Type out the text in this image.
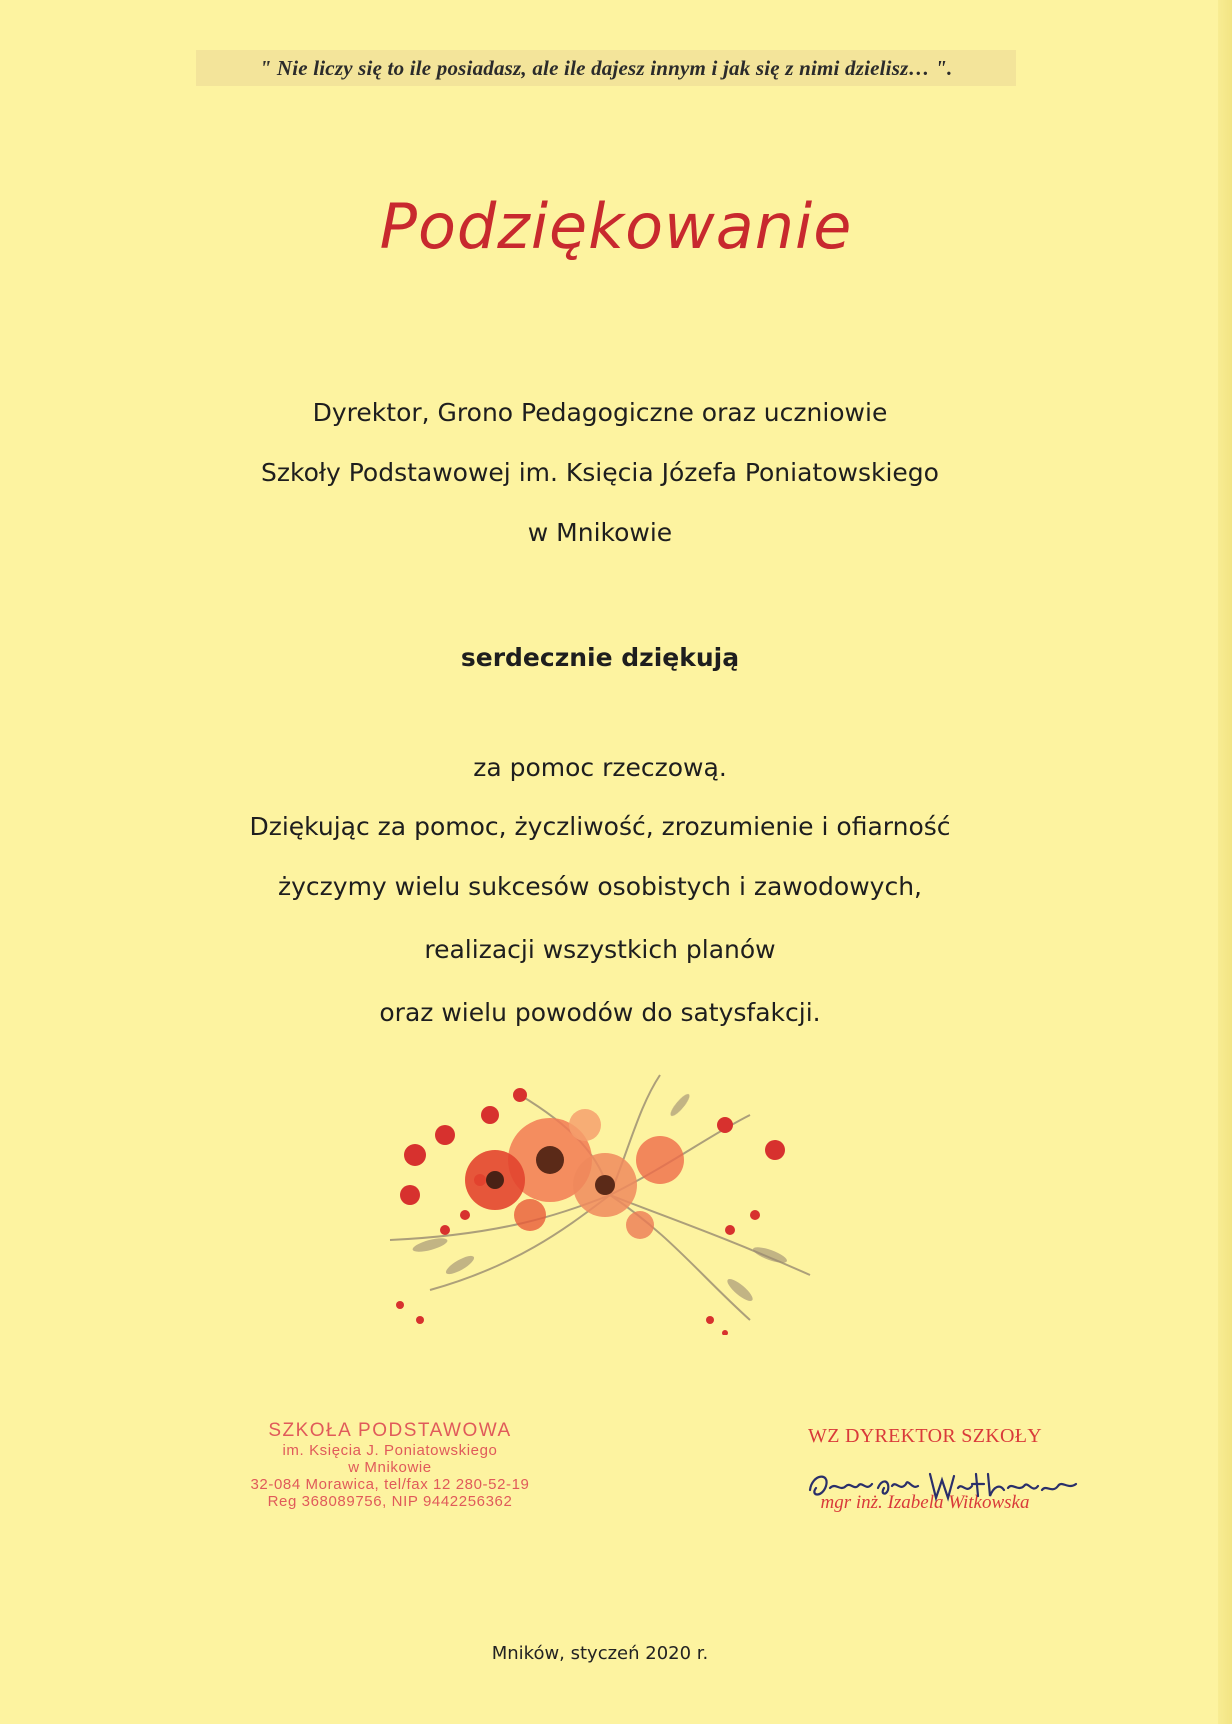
" Nie liczy się to ile posiadasz, ale ile dajesz innym i jak się z nimi dzielisz… ".
Podziękowanie
Dyrektor, Grono Pedagogiczne oraz uczniowie
Szkoły Podstawowej im. Księcia Józefa Poniatowskiego
w Mnikowie
serdecznie dziękują
za pomoc rzeczową.
Dziękując za pomoc, życzliwość, zrozumienie i ofiarność
życzymy wielu sukcesów osobistych i zawodowych,
realizacji wszystkich planów
oraz wielu powodów do satysfakcji.
SZKOŁA PODSTAWOWA
im. Księcia J. Poniatowskiego
w Mnikowie
32-084 Morawica, tel/fax 12 280-52-19
Reg 368089756, NIP 9442256362
WZ DYREKTOR SZKOŁY
mgr inż. Izabela Witkowska
Mników, styczeń 2020 r.
